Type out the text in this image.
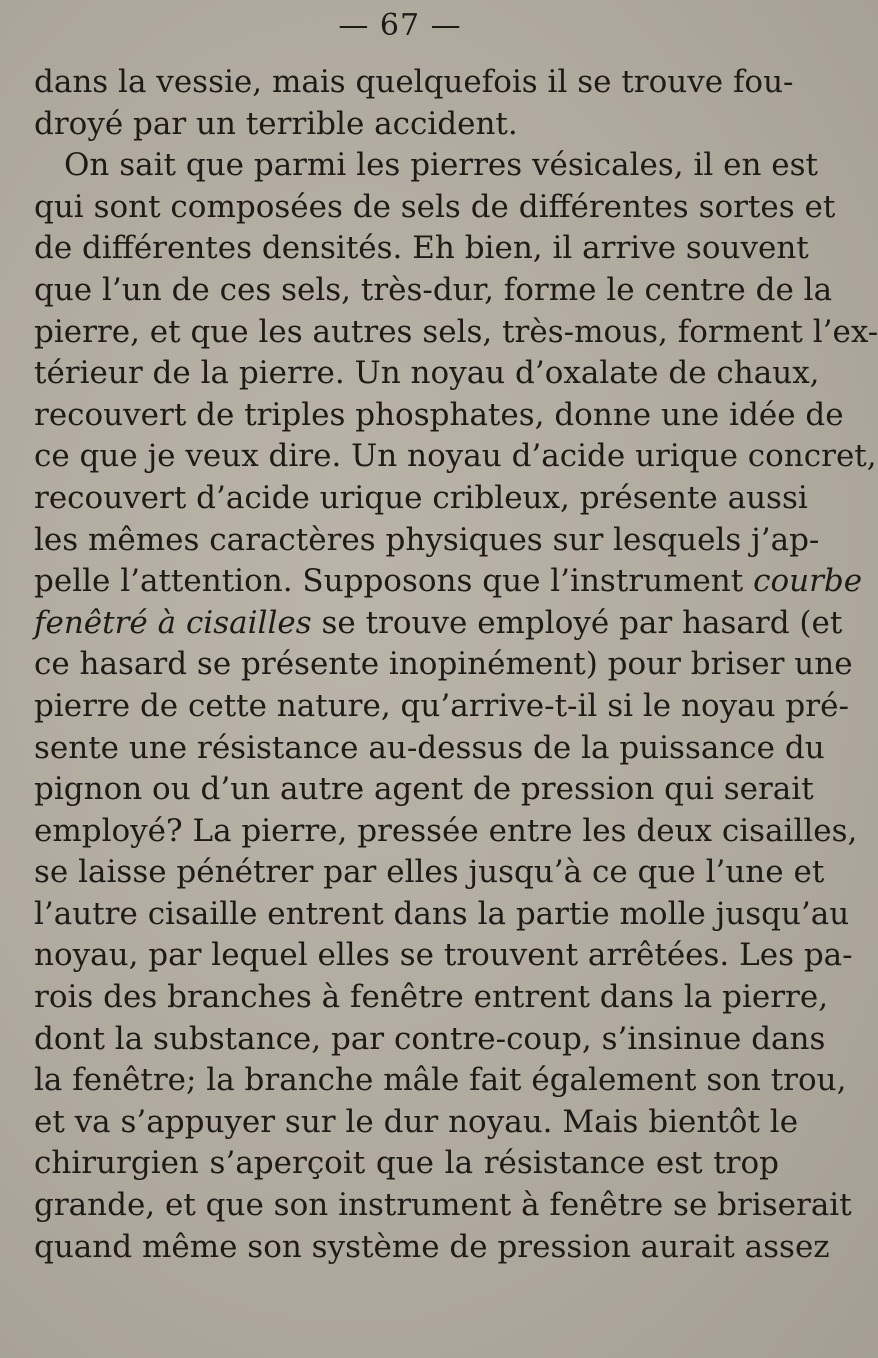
— 67 —
dans la vessie, mais quelquefois il se trouve fou-
droyé par un terrible accident.
On sait que parmi les pierres vésicales, il en est
qui sont composées de sels de différentes sortes et
de différentes densités. Eh bien, il arrive souvent
que l’un de ces sels, très-dur, forme le centre de la
pierre, et que les autres sels, très-mous, forment l’ex-
térieur de la pierre. Un noyau d’oxalate de chaux,
recouvert de triples phosphates, donne une idée de
ce que je veux dire. Un noyau d’acide urique concret,
recouvert d’acide urique cribleux, présente aussi
les mêmes caractères physiques sur lesquels j’ap-
pelle l’attention. Supposons que l’instrument courbe
fenêtré à cisailles se trouve employé par hasard (et
ce hasard se présente inopinément) pour briser une
pierre de cette nature, qu’arrive-t-il si le noyau pré-
sente une résistance au-dessus de la puissance du
pignon ou d’un autre agent de pression qui serait
employé? La pierre, pressée entre les deux cisailles,
se laisse pénétrer par elles jusqu’à ce que l’une et
l’autre cisaille entrent dans la partie molle jusqu’au
noyau, par lequel elles se trouvent arrêtées. Les pa-
rois des branches à fenêtre entrent dans la pierre,
dont la substance, par contre-coup, s’insinue dans
la fenêtre; la branche mâle fait également son trou,
et va s’appuyer sur le dur noyau. Mais bientôt le
chirurgien s’aperçoit que la résistance est trop
grande, et que son instrument à fenêtre se briserait
quand même son système de pression aurait assez
